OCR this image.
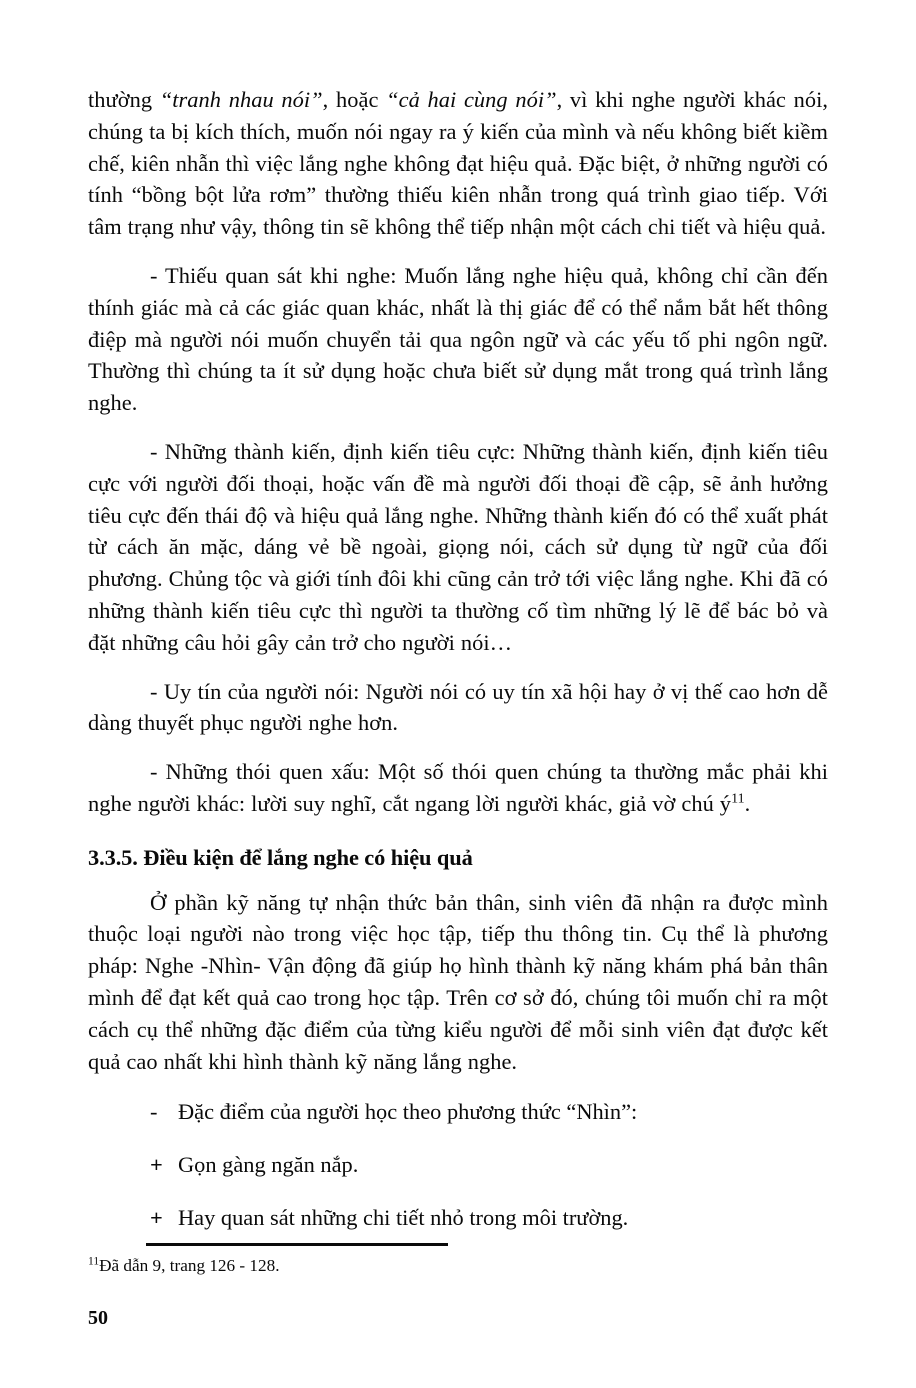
thường “tranh nhau nói”, hoặc “cả hai cùng nói”, vì khi nghe người khác nói, chúng ta bị kích thích, muốn nói ngay ra ý kiến của mình và nếu không biết kiềm chế, kiên nhẫn thì việc lắng nghe không đạt hiệu quả. Đặc biệt, ở những người có tính “bồng bột lửa rơm” thường thiếu kiên nhẫn trong quá trình giao tiếp. Với tâm trạng như vậy, thông tin sẽ không thể tiếp nhận một cách chi tiết và hiệu quả.

- Thiếu quan sát khi nghe: Muốn lắng nghe hiệu quả, không chỉ cần đến thính giác mà cả các giác quan khác, nhất là thị giác để có thể nắm bắt hết thông điệp mà người nói muốn chuyển tải qua ngôn ngữ và các yếu tố phi ngôn ngữ. Thường thì chúng ta ít sử dụng hoặc chưa biết sử dụng mắt trong quá trình lắng nghe.

- Những thành kiến, định kiến tiêu cực: Những thành kiến, định kiến tiêu cực với người đối thoại, hoặc vấn đề mà người đối thoại đề cập, sẽ ảnh hưởng tiêu cực đến thái độ và hiệu quả lắng nghe. Những thành kiến đó có thể xuất phát từ cách ăn mặc, dáng vẻ bề ngoài, giọng nói, cách sử dụng từ ngữ của đối phương. Chủng tộc và giới tính đôi khi cũng cản trở tới việc lắng nghe. Khi đã có những thành kiến tiêu cực thì người ta thường cố tìm những lý lẽ để bác bỏ và đặt những câu hỏi gây cản trở cho người nói…

- Uy tín của người nói: Người nói có uy tín xã hội hay ở vị thế cao hơn dễ dàng thuyết phục người nghe hơn.

- Những thói quen xấu: Một số thói quen chúng ta thường mắc phải khi nghe người khác: lười suy nghĩ, cắt ngang lời người khác, giả vờ chú $ý^{11}$.

3.3.5. Điều kiện để lắng nghe có hiệu quả

Ở phần kỹ năng tự nhận thức bản thân, sinh viên đã nhận ra được mình thuộc loại người nào trong việc học tập, tiếp thu thông tin. Cụ thể là phương pháp: Nghe -Nhìn- Vận động đã giúp họ hình thành kỹ năng khám phá bản thân mình để đạt kết quả cao trong học tập. Trên cơ sở đó, chúng tôi muốn chỉ ra một cách cụ thể những đặc điểm của từng kiểu người để mỗi sinh viên đạt được kết quả cao nhất khi hình thành kỹ năng lắng nghe.

- Đặc điểm của người học theo phương thức “Nhìn”:
+ Gọn gàng ngăn nắp.
+ Hay quan sát những chi tiết nhỏ trong môi trường.

$^{11}$Đã dẫn 9, trang 126 - 128.

50
